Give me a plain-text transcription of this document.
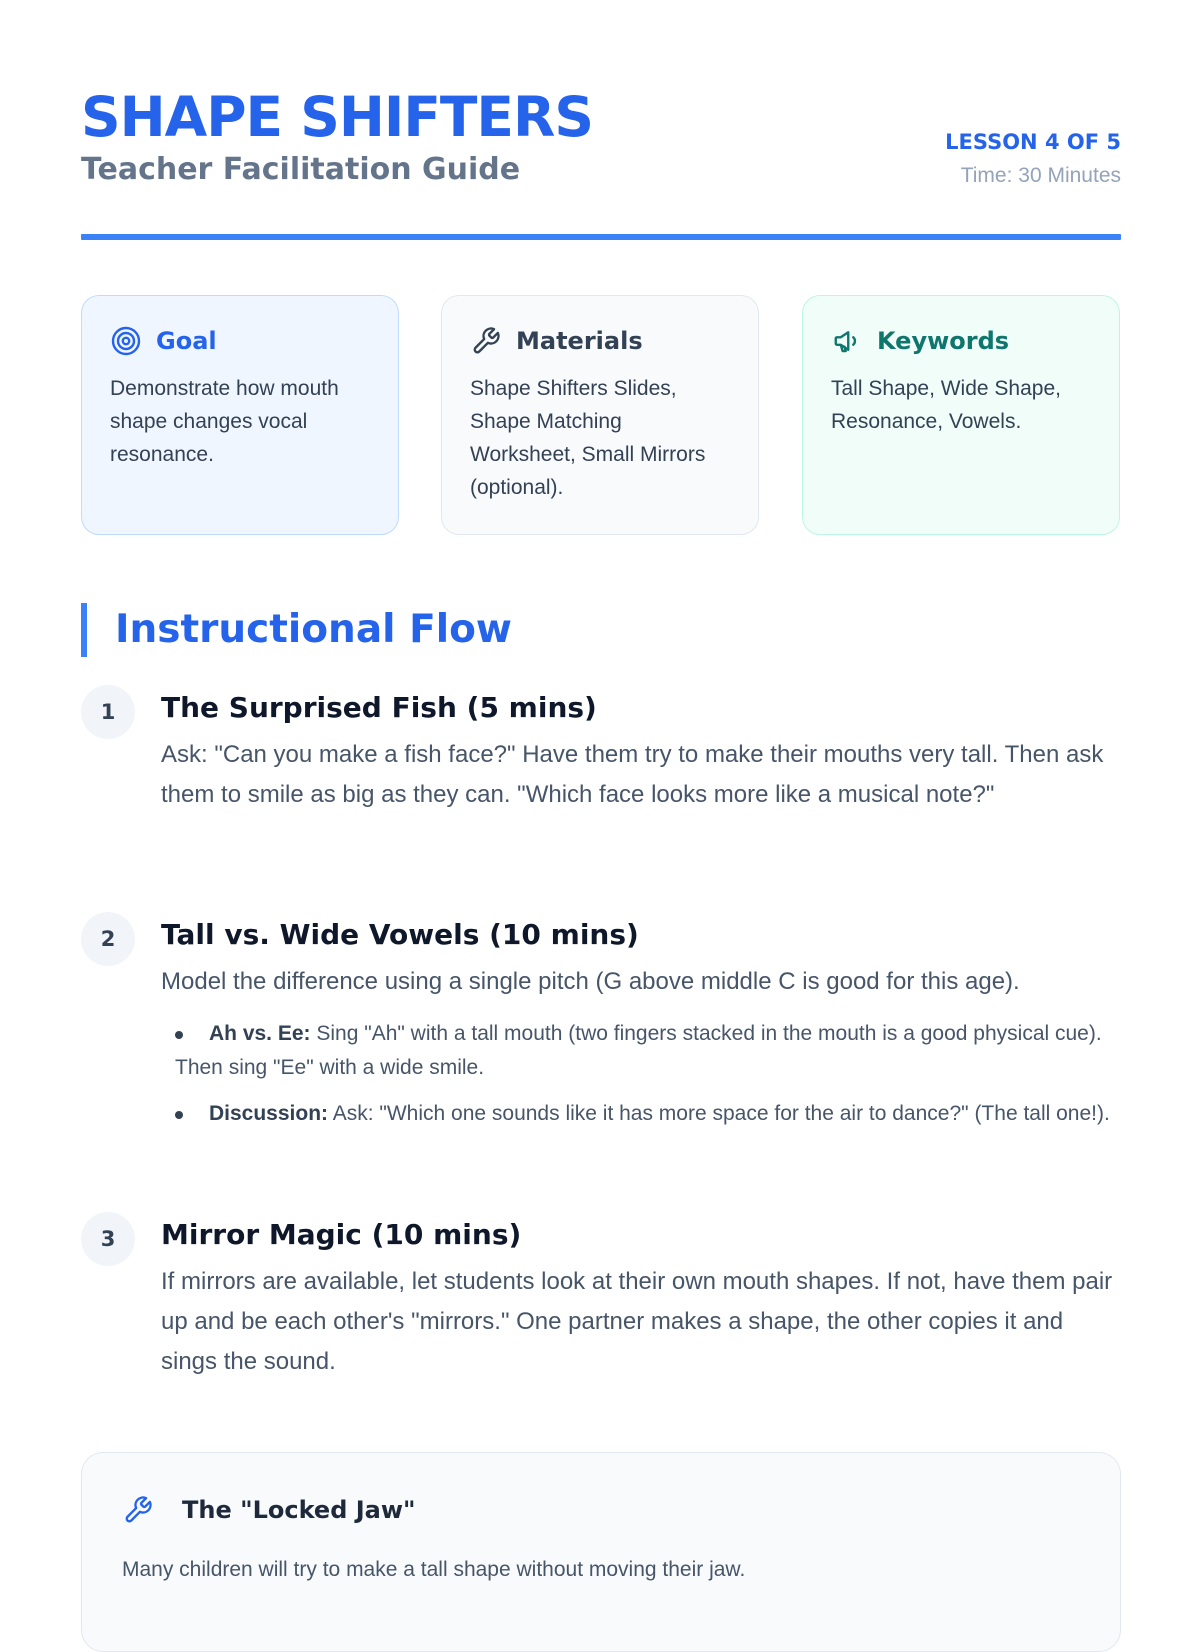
SHAPE SHIFTERS
Teacher Facilitation Guide
LESSON 4 OF 5
Time: 30 Minutes
Goal
Demonstrate how mouth shape changes vocal resonance.
Materials
Shape Shifters Slides, Shape Matching Worksheet, Small Mirrors (optional).
Keywords
Tall Shape, Wide Shape, Resonance, Vowels.
Instructional Flow
1	The Surprised Fish (5 mins)
Ask: "Can you make a fish face?" Have them try to make their mouths very tall. Then ask them to smile as big as they can. "Which face looks more like a musical note?"
2	Tall vs. Wide Vowels (10 mins)
Model the difference using a single pitch (G above middle C is good for this age).
Ah vs. Ee: Sing "Ah" with a tall mouth (two fingers stacked in the mouth is a good physical cue). Then sing "Ee" with a wide smile.
Discussion: Ask: "Which one sounds like it has more space for the air to dance?" (The tall one!).
3	Mirror Magic (10 mins)
If mirrors are available, let students look at their own mouth shapes. If not, have them pair up and be each other's "mirrors." One partner makes a shape, the other copies it and sings the sound.
The "Locked Jaw"
Many children will try to make a tall shape without moving their jaw.
